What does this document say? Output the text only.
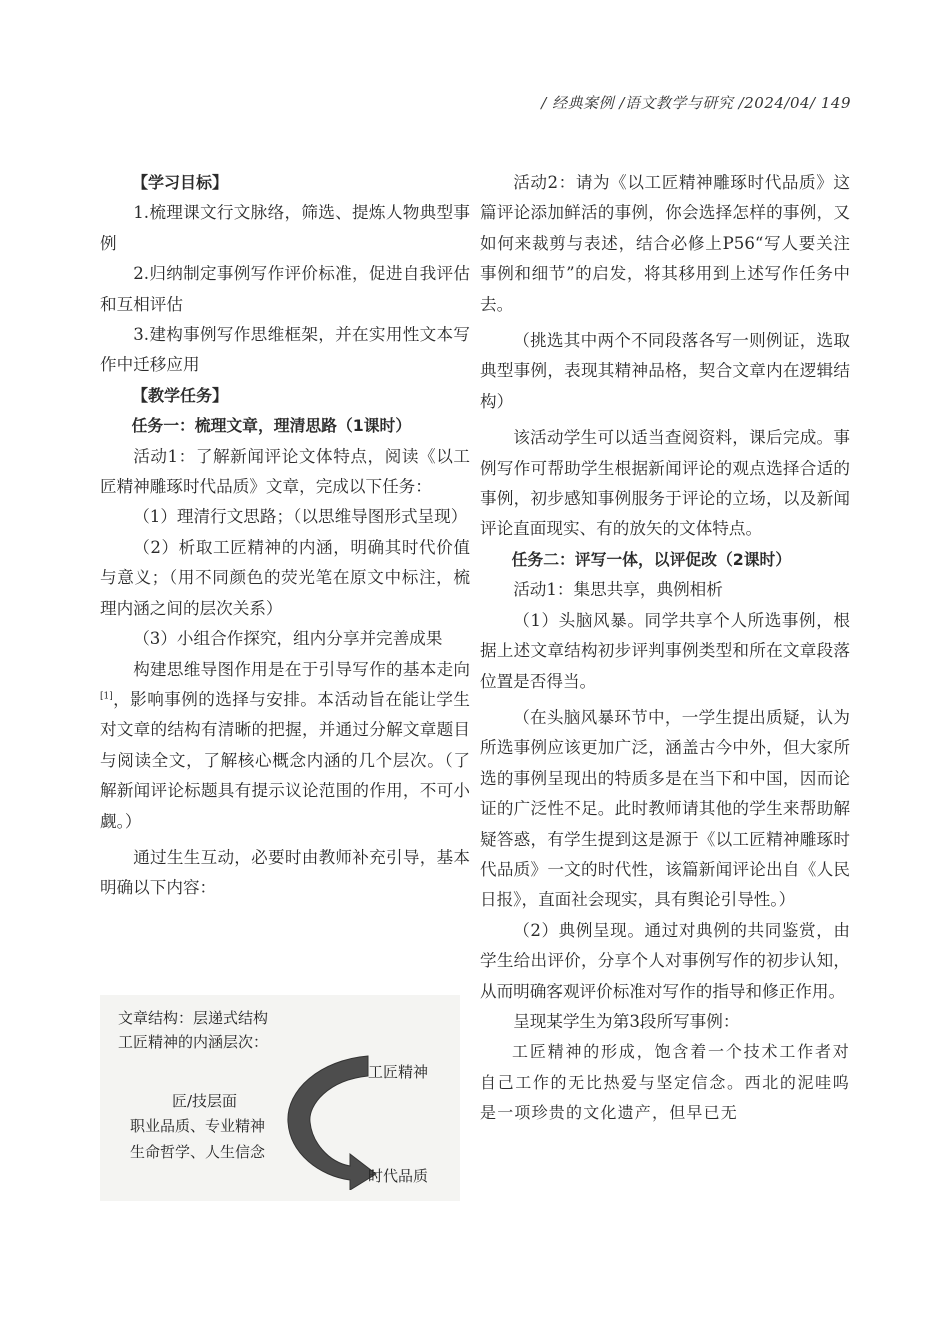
/ 经典案例 /语文教学与研究 /2024/04/ 149

【学习目标】

1.梳理课文行文脉络，筛选、提炼人物典型事例

2.归纳制定事例写作评价标准，促进自我评估和互相评估

3.建构事例写作思维框架，并在实用性文本写作中迁移应用

【教学任务】

任务一：梳理文章，理清思路（1课时）

活动1：了解新闻评论文体特点，阅读《以工匠精神雕琢时代品质》文章，完成以下任务：

（1）理清行文思路；（以思维导图形式呈现）

（2）析取工匠精神的内涵，明确其时代价值与意义；（用不同颜色的荧光笔在原文中标注，梳理内涵之间的层次关系）

（3）小组合作探究，组内分享并完善成果

构建思维导图作用是在于引导写作的基本走向[1]，影响事例的选择与安排。本活动旨在能让学生对文章的结构有清晰的把握，并通过分解文章题目与阅读全文，了解核心概念内涵的几个层次。（了解新闻评论标题具有提示议论范围的作用，不可小觑。）

通过生生互动，必要时由教师补充引导，基本明确以下内容：

文章结构：层递式结构
工匠精神的内涵层次：
匠/技层面
职业品质、专业精神
生命哲学、人生信念
工匠精神
时代品质

活动2：请为《以工匠精神雕琢时代品质》这篇评论添加鲜活的事例，你会选择怎样的事例，又如何来裁剪与表述，结合必修上P56“写人要关注事例和细节”的启发，将其移用到上述写作任务中去。

（挑选其中两个不同段落各写一则例证，选取典型事例，表现其精神品格，契合文章内在逻辑结构）

该活动学生可以适当查阅资料，课后完成。事例写作可帮助学生根据新闻评论的观点选择合适的事例，初步感知事例服务于评论的立场，以及新闻评论直面现实、有的放矢的文体特点。

任务二：评写一体，以评促改（2课时）

活动1：集思共享，典例相析

（1）头脑风暴。同学共享个人所选事例，根据上述文章结构初步评判事例类型和所在文章段落位置是否得当。

（在头脑风暴环节中，一学生提出质疑，认为所选事例应该更加广泛，涵盖古今中外，但大家所选的事例呈现出的特质多是在当下和中国，因而论证的广泛性不足。此时教师请其他的学生来帮助解疑答惑，有学生提到这是源于《以工匠精神雕琢时代品质》一文的时代性，该篇新闻评论出自《人民日报》，直面社会现实，具有舆论引导性。）

（2）典例呈现。通过对典例的共同鉴赏，由学生给出评价，分享个人对事例写作的初步认知，从而明确客观评价标准对写作的指导和修正作用。

呈现某学生为第3段所写事例：

工匠精神的形成，饱含着一个技术工作者对自己工作的无比热爱与坚定信念。西北的泥哇呜是一项珍贵的文化遗产，但早已无
